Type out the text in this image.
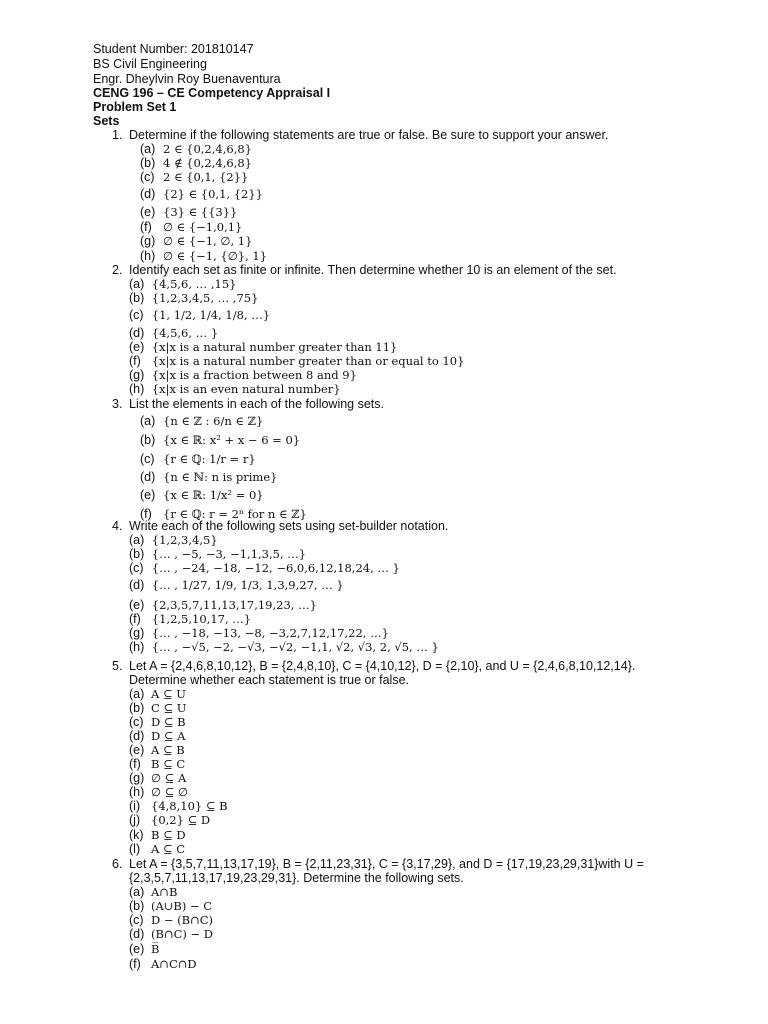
Student Number: 201810147
BS Civil Engineering
Engr. Dheylvin Roy Buenaventura
CENG 196 – CE Competency Appraisal I
Problem Set 1
Sets
1. Determine if the following statements are true or false. Be sure to support your answer.
(a) 2 ∈ {0,2,4,6,8}
(b) 4 ∉ {0,2,4,6,8}
(c) 2 ∈ {0,1, {2}}
(d) {2} ∈ {0,1, {2}}
(e) {3} ∈ {{3}}
(f) ∅ ∈ {−1,0,1}
(g) ∅ ∈ {−1, ∅, 1}
(h) ∅ ∈ {−1, {∅}, 1}
2. Identify each set as finite or infinite. Then determine whether 10 is an element of the set.
(a) {4,5,6, … ,15}
(b) {1,2,3,4,5, … ,75}
(c) {1, 1/2, 1/4, 1/8, …}
(d) {4,5,6, … }
(e) {x|x is a natural number greater than 11}
(f) {x|x is a natural number greater than or equal to 10}
(g) {x|x is a fraction between 8 and 9}
(h) {x|x is an even natural number}
3. List the elements in each of the following sets.
(a) {n ∈ ℤ : 6/n ∈ ℤ}
(b) {x ∈ ℝ: x² + x − 6 = 0}
(c) {r ∈ ℚ: 1/r = r}
(d) {n ∈ ℕ: n is prime}
(e) {x ∈ ℝ: 1/x² = 0}
(f) {r ∈ ℚ: r = 2ⁿ for n ∈ ℤ}
4. Write each of the following sets using set-builder notation.
(a) {1,2,3,4,5}
(b) {… , −5, −3, −1,1,3,5, …}
(c) {… , −24, −18, −12, −6,0,6,12,18,24, … }
(d) {… , 1/27, 1/9, 1/3, 1,3,9,27, … }
(e) {2,3,5,7,11,13,17,19,23, …}
(f) {1,2,5,10,17, …}
(g) {… , −18, −13, −8, −3,2,7,12,17,22, …}
(h) {… , −√5, −2, −√3, −√2, −1,1, √2, √3, 2, √5, … }
5. Let A = {2,4,6,8,10,12}, B = {2,4,8,10}, C = {4,10,12}, D = {2,10}, and U = {2,4,6,8,10,12,14}.
Determine whether each statement is true or false.
(a) A ⊆ U
(b) C ⊆ U
(c) D ⊆ B
(d) D ⊆ A
(e) A ⊆ B
(f) B ⊆ C
(g) ∅ ⊆ A
(h) ∅ ⊆ ∅
(i) {4,8,10} ⊆ B
(j) {0,2} ⊆ D
(k) B ⊆ D
(l) A ⊆ C
6. Let A = {3,5,7,11,13,17,19}, B = {2,11,23,31}, C = {3,17,29}, and D = {17,19,23,29,31}with U =
{2,3,5,7,11,13,17,19,23,29,31}. Determine the following sets.
(a) A∩B
(b) (A∪B) − C
(c) D − (B∩C)
(d) (B∩C) − D
(e) B̅
(f) A∩C∩D
